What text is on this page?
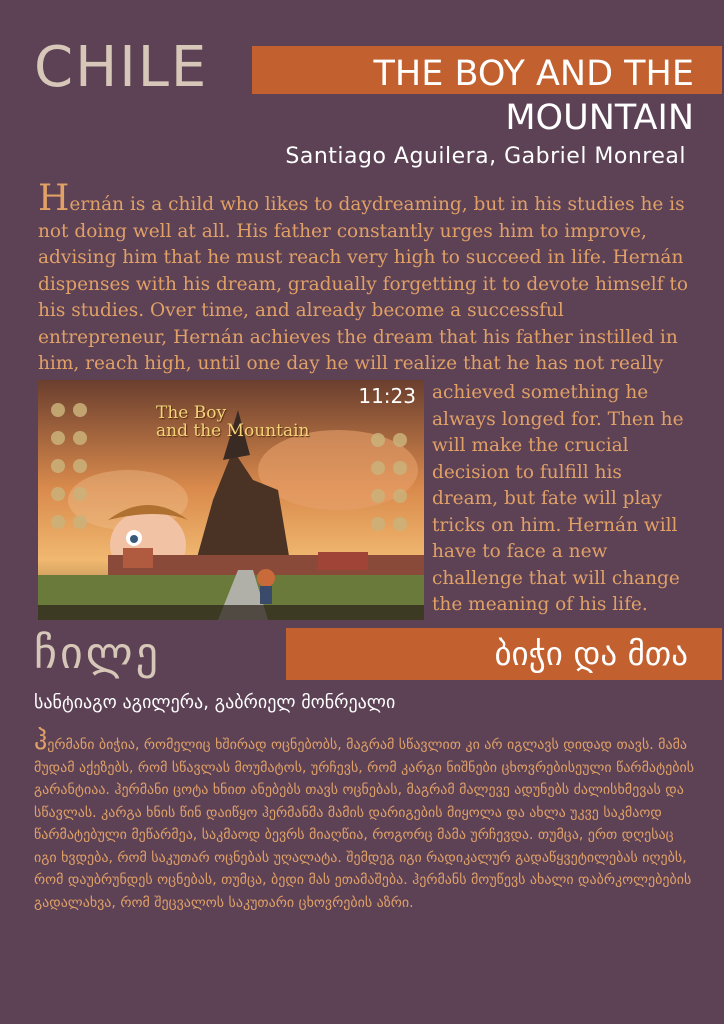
CHILE	THE BOY AND THE
MOUNTAIN
Santiago Aguilera, Gabriel Monreal
Hernán is a child who likes to daydreaming, but in his studies he is not doing well at all. His father constantly urges him to improve, advising him that he must reach very high to succeed in life. Hernán dispenses with his dream, gradually forgetting it to devote himself to his studies. Over time, and already become a successful entrepreneur, Hernán achieves the dream that his father instilled in him, reach high, until one day he will realize that he has not really
The Boy
and the Mountain
11:23 achieved something he always longed for. Then he will make the crucial decision to fulfill his dream, but fate will play tricks on him. Hernán will have to face a new challenge that will change the meaning of his life.
ჩილე	ბიჭი და მთა
სანტიაგო აგილერა, გაბრიელ მონრეალი
ჰერმანი ბიჭია, რომელიც ხშირად ოცნებობს, მაგრამ სწავლით კი არ იგლავს დიდად თავს. მამა მუდამ აქეზებს, რომ სწავლას მოუმატოს, ურჩევს, რომ კარგი ნიშნები ცხოვრებისეული წარმატების გარანტიაა. ჰერმანი ცოტა ხნით ანებებს თავს ოცნებას, მაგრამ მალევე ადუნებს ძალისხმევას და სწავლას. კარგა ხნის წინ დაიწყო ჰერმანმა მამის დარიგების მიყოლა და ახლა უკვე საკმაოდ წარმატებული მეწარმეა, საკმაოდ ბევრს მიაღწია, როგორც მამა ურჩევდა. თუმცა, ერთ დღესაც იგი ხვდება, რომ საკუთარ ოცნებას უღალატა. შემდეგ იგი რადიკალურ გადაწყვეტილებას იღებს, რომ დაუბრუნდეს ოცნებას, თუმცა, ბედი მას ეთამაშება. ჰერმანს მოუწევს ახალი დაბრკოლებების გადალახვა, რომ შეცვალოს საკუთარი ცხოვრების აზრი.
